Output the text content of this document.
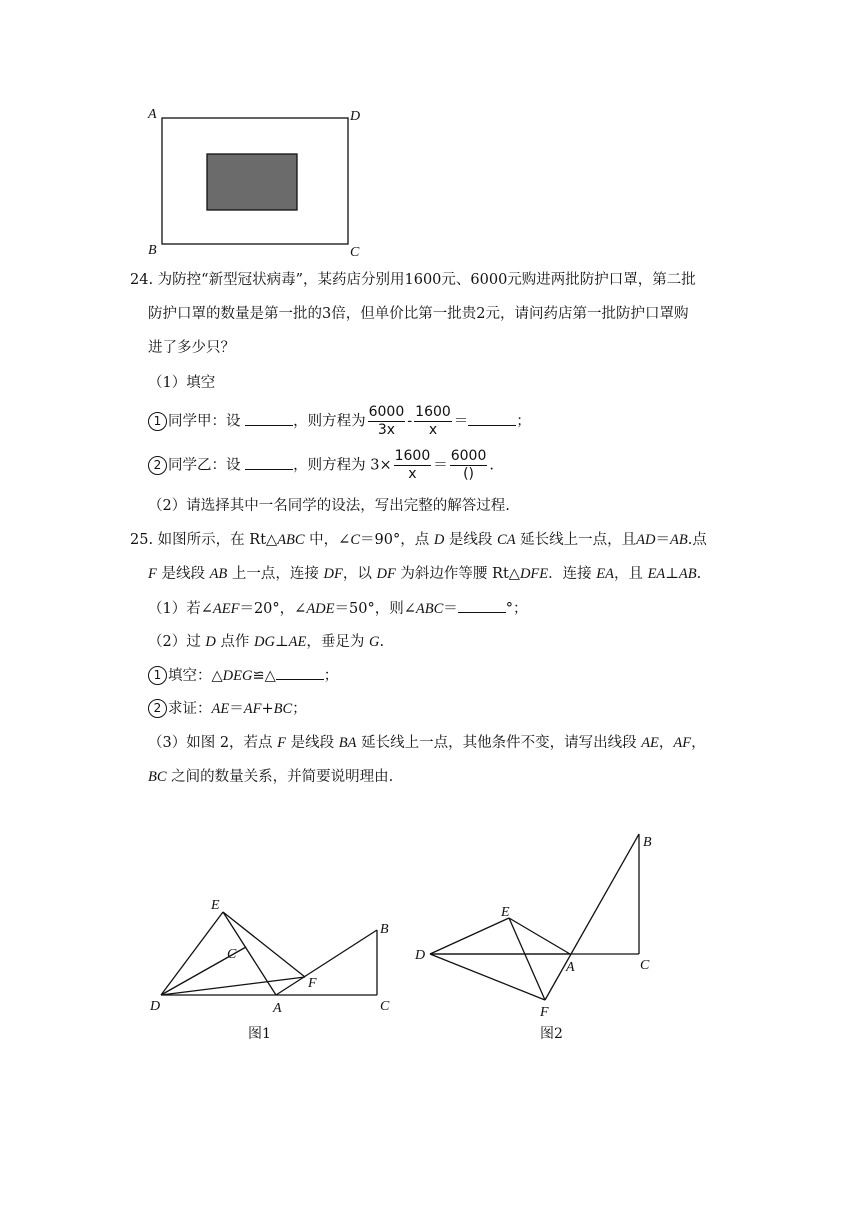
A	D
B	C
24. 为防控“新型冠状病毒”，某药店分别用1600元、6000元购进两批防护口罩，第二批
防护口罩的数量是第一批的3倍，但单价比第一批贵2元，请问药店第一批防护口罩购
进了多少只？
（1）填空
1 同学甲：设	，则方程为 $\frac{6000}{3x} - \frac{1600}{x}$ ＝	；
2 同学乙：设	，则方程为 $3\times \frac{1600}{x} = \frac{6000}{()}$ .
（2）请选择其中一名同学的设法，写出完整的解答过程.
25. 如图所示，在 Rt△ABC 中，∠C＝90°，点 D 是线段 CA 延长线上一点，且AD＝AB.点
F 是线段 AB 上一点，连接 DF，以 DF 为斜边作等腰 Rt△DFE．连接 EA，且 EA⊥AB.
（1）若∠AEF＝20°，∠ADE＝50°，则∠ABC＝	°；
（2）过 D 点作 DG⊥AE，垂足为 G.
1 填空：△DEG≌△	；
2 求证：AE＝AF+BC；
（3）如图 2，若点 F 是线段 BA 延长线上一点，其他条件不变，请写出线段 AE，AF，
BC 之间的数量关系，并简要说明理由.
E
C
B
D	A
F
C
图1
B
E
D
A	C
F
图2
